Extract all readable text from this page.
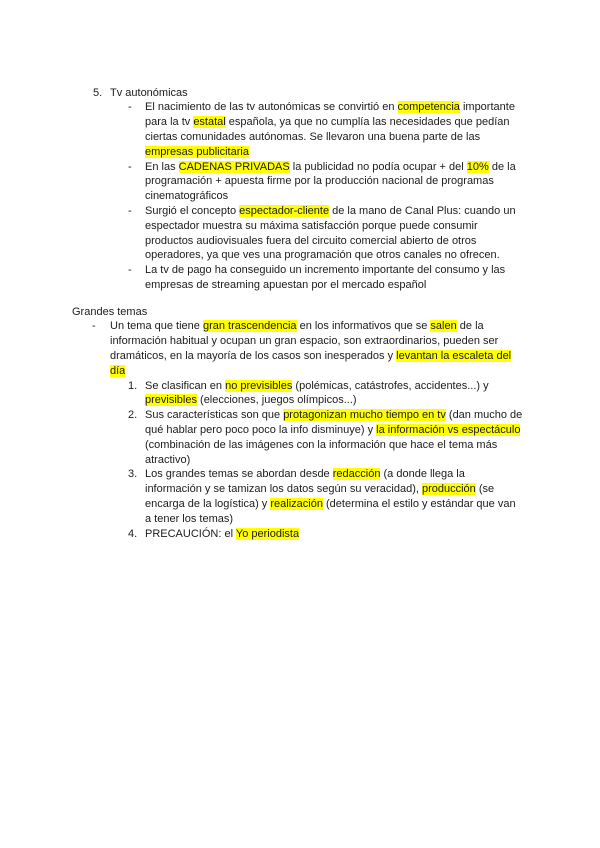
5. Tv autonómicas
- El nacimiento de las tv autonómicas se convirtió en competencia importante
para la tv estatal española, ya que no cumplía las necesidades que pedían
ciertas comunidades autónomas. Se llevaron una buena parte de las
empresas publicitaria
- En las CADENAS PRIVADAS la publicidad no podía ocupar + del 10% de la
programación + apuesta firme por la producción nacional de programas
cinematográficos
- Surgió el concepto espectador-cliente de la mano de Canal Plus: cuando un
espectador muestra su máxima satisfacción porque puede consumir
productos audiovisuales fuera del circuito comercial abierto de otros
operadores, ya que ves una programación que otros canales no ofrecen.
- La tv de pago ha conseguido un incremento importante del consumo y las
empresas de streaming apuestan por el mercado español
Grandes temas
- Un tema que tiene gran trascendencia en los informativos que se salen de la
información habitual y ocupan un gran espacio, son extraordinarios, pueden ser
dramáticos, en la mayoría de los casos son inesperados y levantan la escaleta del
día
1. Se clasifican en no previsibles (polémicas, catástrofes, accidentes...) y
previsibles (elecciones, juegos olímpicos...)
2. Sus características son que protagonizan mucho tiempo en tv (dan mucho de
qué hablar pero poco poco la info disminuye) y la información vs espectáculo
(combinación de las imágenes con la información que hace el tema más
atractivo)
3. Los grandes temas se abordan desde redacción (a donde llega la
información y se tamizan los datos según su veracidad), producción (se
encarga de la logística) y realización (determina el estilo y estándar que van
a tener los temas)
4. PRECAUCIÓN: el Yo periodista
